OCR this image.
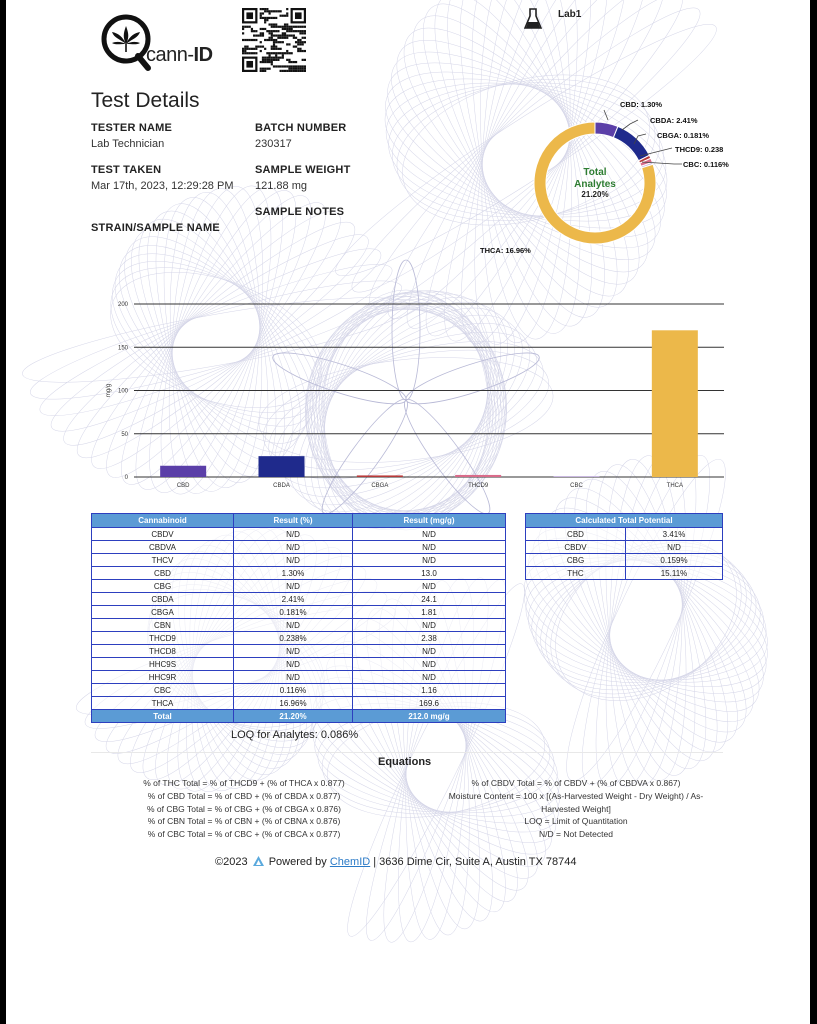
cann-ID
Lab1
Test Details
TESTER NAME
Lab Technician
BATCH NUMBER
230317
TEST TAKEN
Mar 17th, 2023, 12:29:28 PM
SAMPLE WEIGHT
121.88 mg
SAMPLE NOTES
STRAIN/SAMPLE NAME
Total
Analytes
21.20%
CBD: 1.30%
CBDA: 2.41%
CBGA: 0.181%
THCD9: 0.238
CBC: 0.116%
THCA: 16.96%
0
50
100
150
200
mg/g
CBD	CBDA	CBGA	THCD9	CBC	THCA
Cannabinoid	Result (%)	Result (mg/g)
CBDV	N/D	N/D
CBDVA	N/D	N/D
THCV	N/D	N/D
CBD	1.30%	13.0
CBG	N/D	N/D
CBDA	2.41%	24.1
CBGA	0.181%	1.81
CBN	N/D	N/D
THCD9	0.238%	2.38
THCD8	N/D	N/D
HHC9S	N/D	N/D
HHC9R	N/D	N/D
CBC	0.116%	1.16
THCA	16.96%	169.6
Total	21.20%	212.0 mg/g
Calculated Total Potential	
CBD	3.41%
CBDV	N/D
CBG	0.159%
THC	15.11%
LOQ for Analytes: 0.086%
Equations
% of THC Total = % of THCD9 + (% of THCA x 0.877)
% of CBD Total = % of CBD + (% of CBDA x 0.877)
% of CBG Total = % of CBG + (% of CBGA x 0.876)
% of CBN Total = % of CBN + (% of CBNA x 0.876)
% of CBC Total = % of CBC + (% of CBCA x 0.877)
% of CBDV Total = % of CBDV + (% of CBDVA x 0.867)
Moisture Content = 100 x [(As-Harvested Weight - Dry Weight) / As-Harvested Weight]
LOQ = Limit of Quantitation
N/D = Not Detected
©2023 Powered by ChemID | 3636 Dime Cir, Suite A, Austin TX 78744
